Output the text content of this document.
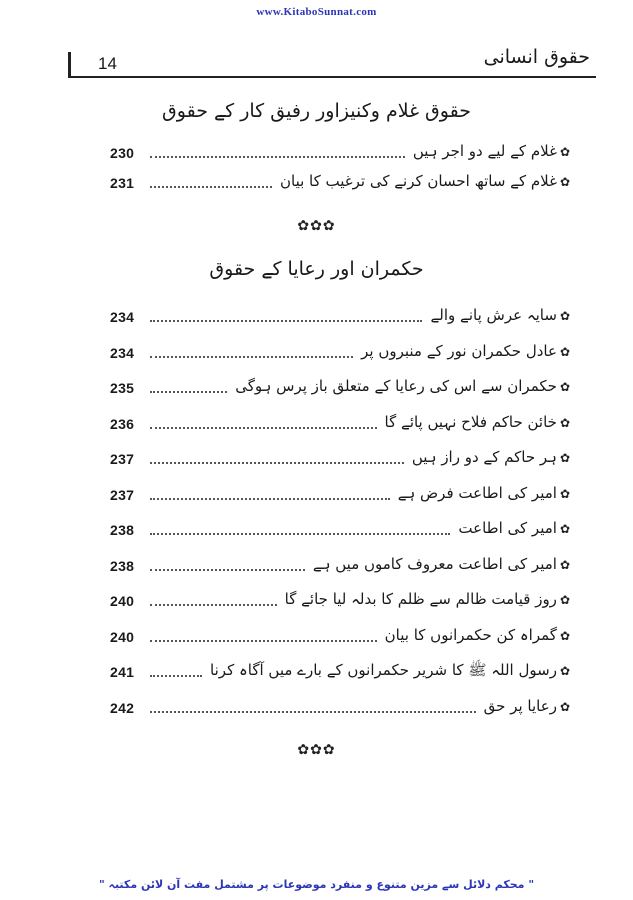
www.KitaboSunnat.com
14	حقوق انسانی
حقوق غلام وکنیزاور رفیق کار کے حقوق
230	✿غلام کے لیے دو اجر ہیں
231	✿غلام کے ساتھ احسان کرنے کی ترغیب کا بیان
✿✿✿
حکمران اور رعایا کے حقوق
234	✿سایہ عرش پانے والے
234	✿عادل حکمران نور کے منبروں پر
235	✿حکمران سے اس کی رعایا کے متعلق باز پرس ہوگی
236	✿خائن حاکم فلاح نہیں پائے گا
237	✿ہر حاکم کے دو راز ہیں
237	✿امیر کی اطاعت فرض ہے
238	✿امیر کی اطاعت
238	✿امیر کی اطاعت معروف کاموں میں ہے
240	✿روز قیامت ظالم سے ظلم کا بدلہ لیا جائے گا
240	✿گمراہ کن حکمرانوں کا بیان
241	✿رسول اللہ ﷺ کا شریر حکمرانوں کے بارے میں آگاہ کرنا
242	✿رعایا پر حق
✿✿✿
" محکم دلائل سے مزین متنوع و منفرد موضوعات پر مشتمل مفت آن لائن مکتبہ "
